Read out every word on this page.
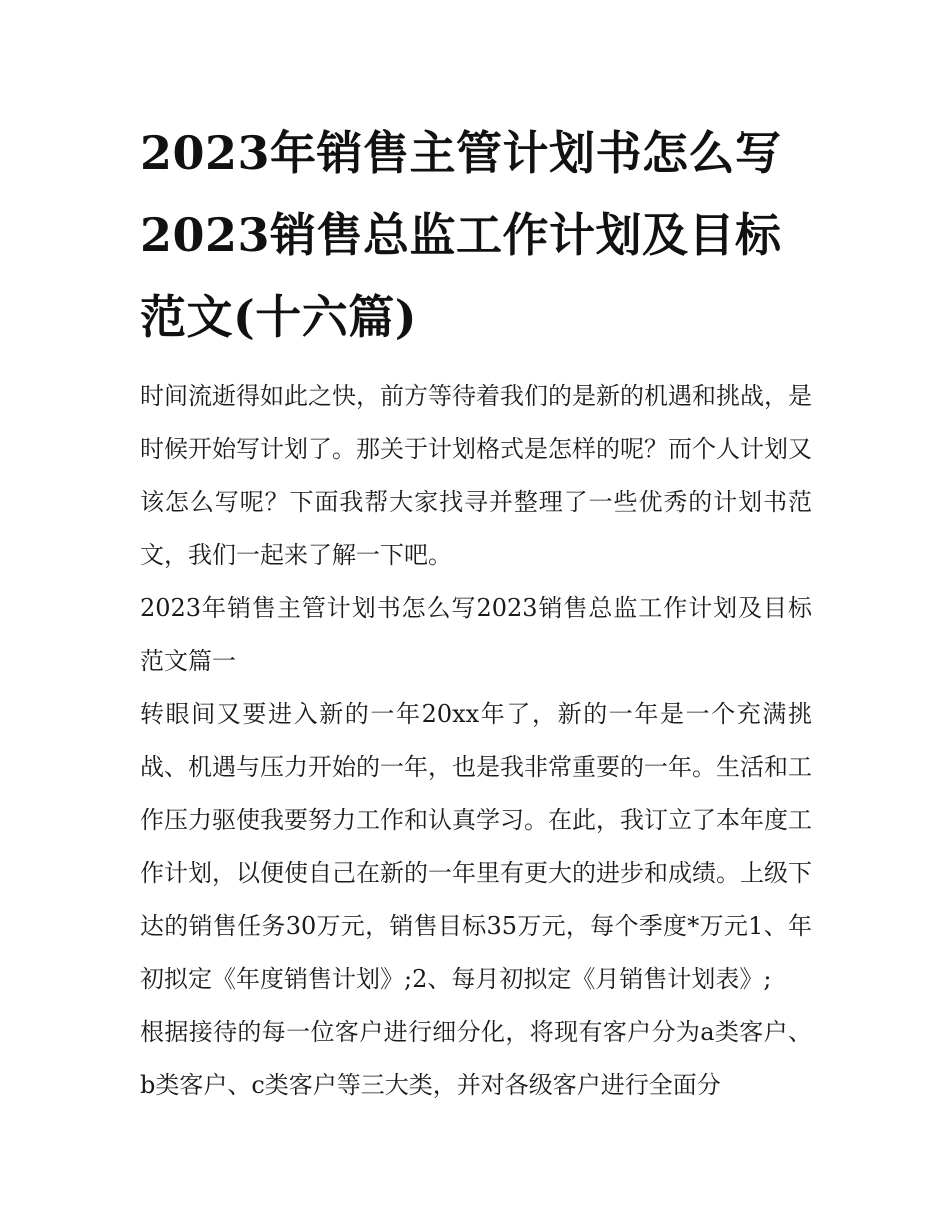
2023年销售主管计划书怎么写2023销售总监工作计划及目标范文(十六篇)

时间流逝得如此之快，前方等待着我们的是新的机遇和挑战，是时候开始写计划了。那关于计划格式是怎样的呢？而个人计划又该怎么写呢？下面我帮大家找寻并整理了一些优秀的计划书范文，我们一起来了解一下吧。

2023年销售主管计划书怎么写2023销售总监工作计划及目标范文篇一

转眼间又要进入新的一年20xx年了，新的一年是一个充满挑战、机遇与压力开始的一年，也是我非常重要的一年。生活和工作压力驱使我要努力工作和认真学习。在此，我订立了本年度工作计划，以便使自己在新的一年里有更大的进步和成绩。上级下达的销售任务30万元，销售目标35万元，每个季度*万元1、年初拟定《年度销售计划》;2、每月初拟定《月销售计划表》;

根据接待的每一位客户进行细分化，将现有客户分为a类客户、b类客户、c类客户等三大类，并对各级客户进行全面分
